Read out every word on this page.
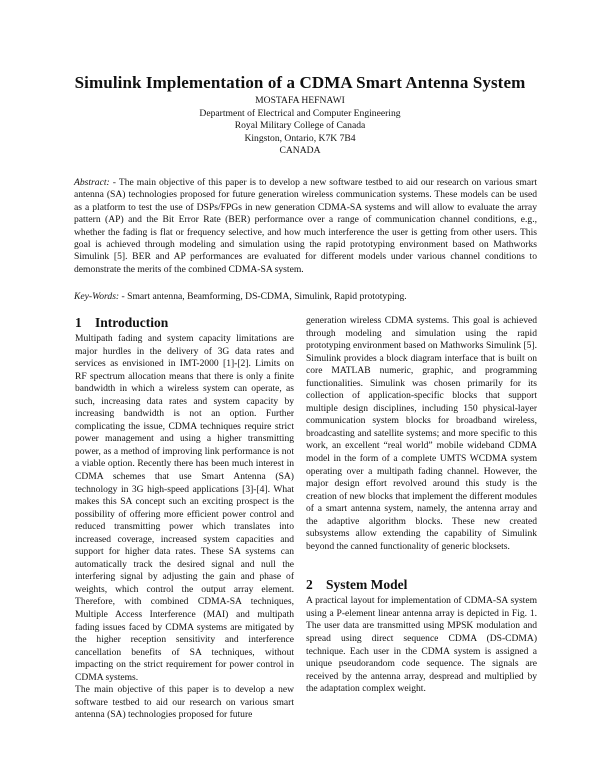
Simulink Implementation of a CDMA Smart Antenna System
MOSTAFA HEFNAWI
Department of Electrical and Computer Engineering
Royal Military College of Canada
Kingston, Ontario, K7K 7B4
CANADA
Abstract: - The main objective of this paper is to develop a new software testbed to aid our research on various smart antenna (SA) technologies proposed for future generation wireless communication systems. These models can be used as a platform to test the use of DSPs/FPGs in new generation CDMA-SA systems and will allow to evaluate the array pattern (AP) and the Bit Error Rate (BER) performance over a range of communication channel conditions, e.g., whether the fading is flat or frequency selective, and how much interference the user is getting from other users. This goal is achieved through modeling and simulation using the rapid prototyping environment based on Mathworks Simulink [5]. BER and AP performances are evaluated for different models under various channel conditions to demonstrate the merits of the combined CDMA-SA system.
Key-Words: - Smart antenna, Beamforming, DS-CDMA, Simulink, Rapid prototyping.
1 Introduction

Multipath fading and system capacity limitations are major hurdles in the delivery of 3G data rates and services as envisioned in IMT-2000 [1]-[2]. Limits on RF spectrum allocation means that there is only a finite bandwidth in which a wireless system can operate, as such, increasing data rates and system capacity by increasing bandwidth is not an option. Further complicating the issue, CDMA techniques require strict power management and using a higher transmitting power, as a method of improving link performance is not a viable option. Recently there has been much interest in CDMA schemes that use Smart Antenna (SA) technology in 3G high-speed applications [3]-[4]. What makes this SA concept such an exciting prospect is the possibility of offering more efficient power control and reduced transmitting power which translates into increased coverage, increased system capacities and support for higher data rates. These SA systems can automatically track the desired signal and null the interfering signal by adjusting the gain and phase of weights, which control the output array element. Therefore, with combined CDMA-SA techniques, Multiple Access Interference (MAI) and multipath fading issues faced by CDMA systems are mitigated by the higher reception sensitivity and interference cancellation benefits of SA techniques, without impacting on the strict requirement for power control in CDMA systems.

The main objective of this paper is to develop a new software testbed to aid our research on various smart antenna (SA) technologies proposed for future

generation wireless CDMA systems. This goal is achieved through modeling and simulation using the rapid prototyping environment based on Mathworks Simulink [5]. Simulink provides a block diagram interface that is built on core MATLAB numeric, graphic, and programming functionalities. Simulink was chosen primarily for its collection of application-specific blocks that support multiple design disciplines, including 150 physical-layer communication system blocks for broadband wireless, broadcasting and satellite systems; and more specific to this work, an excellent “real world” mobile wideband CDMA model in the form of a complete UMTS WCDMA system operating over a multipath fading channel. However, the major design effort revolved around this study is the creation of new blocks that implement the different modules of a smart antenna system, namely, the antenna array and the adaptive algorithm blocks. These new created subsystems allow extending the capability of Simulink beyond the canned functionality of generic blocksets.

2 System Model

A practical layout for implementation of CDMA-SA system using a P-element linear antenna array is depicted in Fig. 1. The user data are transmitted using MPSK modulation and spread using direct sequence CDMA (DS-CDMA) technique. Each user in the CDMA system is assigned a unique pseudorandom code sequence. The signals are received by the antenna array, despread and multiplied by the adaptation complex weight.
